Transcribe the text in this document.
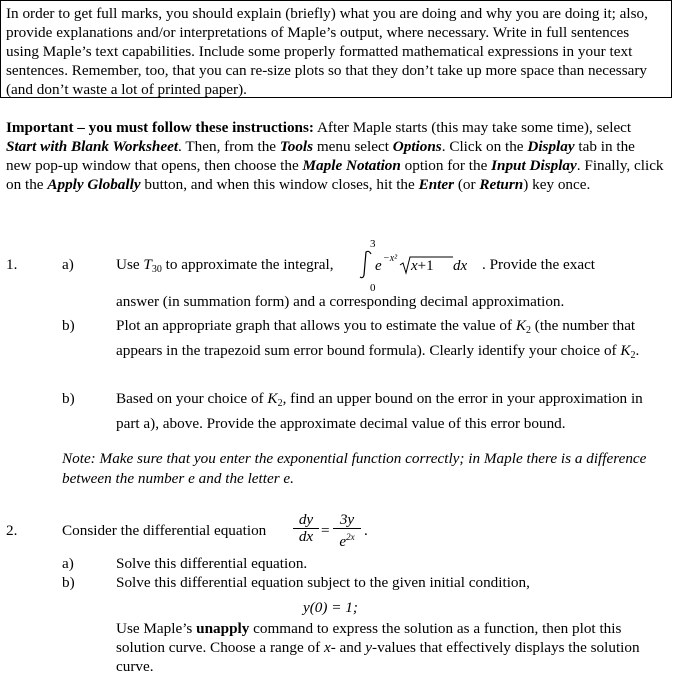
In order to get full marks, you should explain (briefly) what you are doing and why you are doing it; also, provide explanations and/or interpretations of Maple’s output, where necessary. Write in full sentences using Maple’s text capabilities. Include some properly formatted mathematical expressions in your text sentences. Remember, too, that you can re-size plots so that they don’t take up more space than necessary (and don’t waste a lot of printed paper).

Important – you must follow these instructions: After Maple starts (this may take some time), select Start with Blank Worksheet. Then, from the Tools menu select Options. Click on the Display tab in the new pop-up window that opens, then choose the Maple Notation option for the Input Display. Finally, click on the Apply Globally button, and when this window closes, hit the Enter (or Return) key once.

1.	a)	Use $T_{30}$ to approximate the integral,
3
0
e −x² x+1 dx . Provide the exact
answer (in summation form) and a corresponding decimal approximation.
b)	Plot an appropriate graph that allows you to estimate the value of $K_2$ (the number that appears in the trapezoid sum error bound formula). Clearly identify your choice of $K_2$.

b)	Based on your choice of $K_2$, find an upper bound on the error in your approximation in part a), above. Provide the approximate decimal value of this error bound.

Note: Make sure that you enter the exponential function correctly; in Maple there is a difference between the number e and the letter e.

2.	Consider the differential equation $\frac{dy}{dx} = \frac{3y}{e^{2x}}$ .
a)	Solve this differential equation.
b)	Solve this differential equation subject to the given initial condition,
y(0) = 1;

Use Maple’s unapply command to express the solution as a function, then plot this solution curve. Choose a range of x- and y-values that effectively displays the solution curve.
